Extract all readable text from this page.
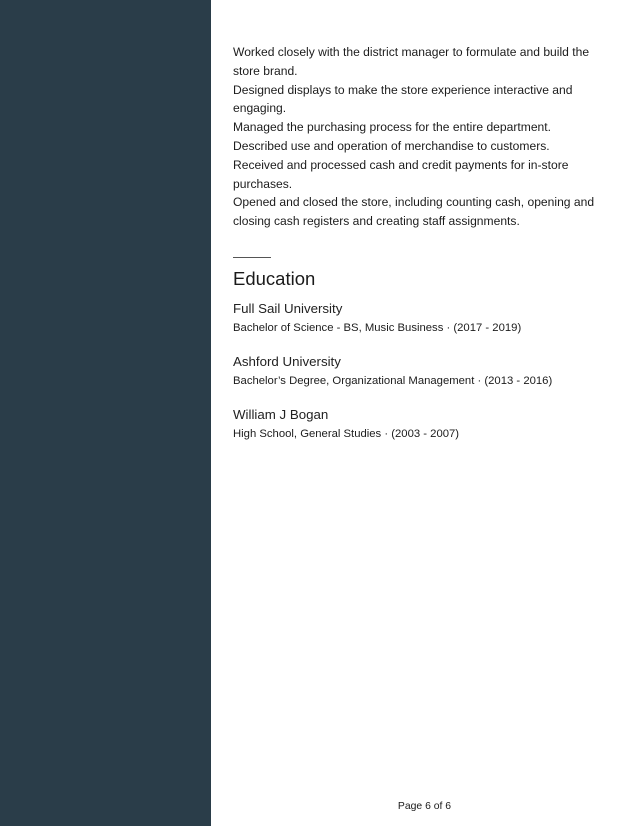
Worked closely with the district manager to formulate and build the store brand.
Designed displays to make the store experience interactive and engaging.
Managed the purchasing process for the entire department.
Described use and operation of merchandise to customers.
Received and processed cash and credit payments for in-store purchases.
Opened and closed the store, including counting cash, opening and closing cash registers and creating staff assignments.
Education
Full Sail University
Bachelor of Science - BS, Music Business · (2017 - 2019)
Ashford University
Bachelor’s Degree, Organizational Management · (2013 - 2016)
William J Bogan
High School, General Studies · (2003 - 2007)
Page 6 of 6
